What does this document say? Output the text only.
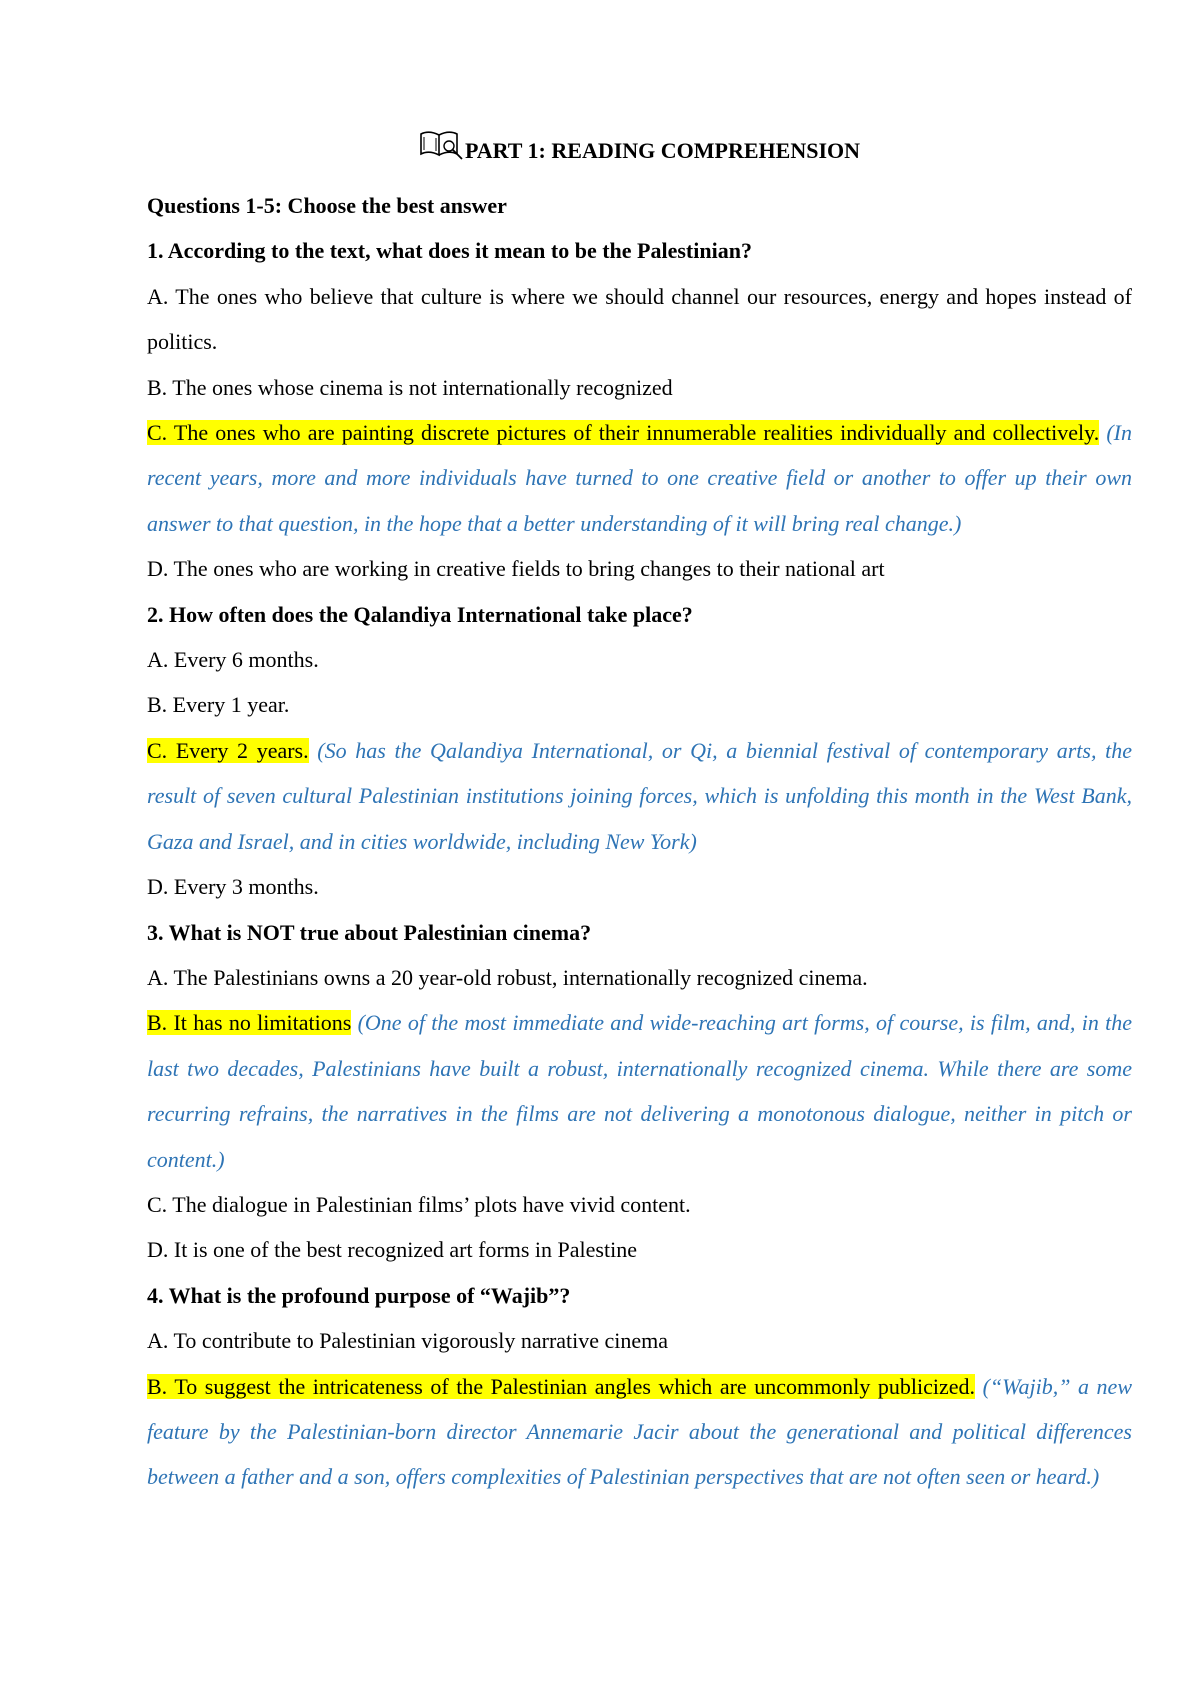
PART 1: READING COMPREHENSION

Questions 1-5: Choose the best answer

1. According to the text, what does it mean to be the Palestinian?

A. The ones who believe that culture is where we should channel our resources, energy and hopes instead of politics.

B. The ones whose cinema is not internationally recognized

C. The ones who are painting discrete pictures of their innumerable realities individually and collectively. (In recent years, more and more individuals have turned to one creative field or another to offer up their own answer to that question, in the hope that a better understanding of it will bring real change.)

D. The ones who are working in creative fields to bring changes to their national art

2. How often does the Qalandiya International take place?

A. Every 6 months.

B. Every 1 year.

C. Every 2 years. (So has the Qalandiya International, or Qi, a biennial festival of contemporary arts, the result of seven cultural Palestinian institutions joining forces, which is unfolding this month in the West Bank, Gaza and Israel, and in cities worldwide, including New York)

D. Every 3 months.

3. What is NOT true about Palestinian cinema?

A. The Palestinians owns a 20 year-old robust, internationally recognized cinema.

B. It has no limitations (One of the most immediate and wide-reaching art forms, of course, is film, and, in the last two decades, Palestinians have built a robust, internationally recognized cinema. While there are some recurring refrains, the narratives in the films are not delivering a monotonous dialogue, neither in pitch or content.)

C. The dialogue in Palestinian films’ plots have vivid content.

D. It is one of the best recognized art forms in Palestine

4. What is the profound purpose of “Wajib”?

A. To contribute to Palestinian vigorously narrative cinema

B. To suggest the intricateness of the Palestinian angles which are uncommonly publicized. (“Wajib,” a new feature by the Palestinian-born director Annemarie Jacir about the generational and political differences between a father and a son, offers complexities of Palestinian perspectives that are not often seen or heard.)
